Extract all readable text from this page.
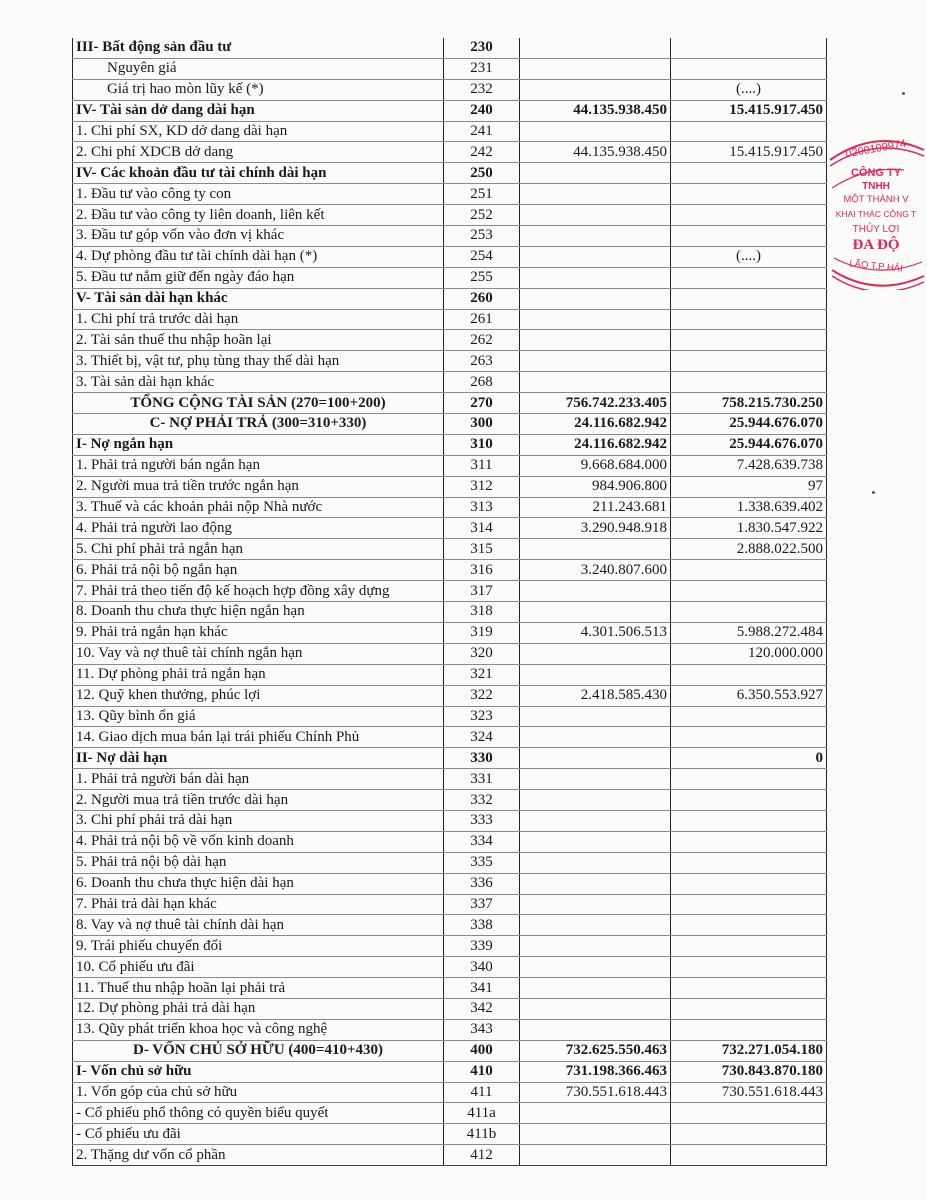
III- Bất động sản đầu tư	230		
Nguyên giá	231		
Giá trị hao mòn lũy kế (*)	232		(....)
IV- Tài sản dở dang dài hạn	240	44.135.938.450	15.415.917.450
1. Chi phí SX, KD dở dang dài hạn	241		
2. Chi phí XDCB dở dang	242	44.135.938.450	15.415.917.450
IV- Các khoản đầu tư tài chính dài hạn	250		
1. Đầu tư vào công ty con	251		
2. Đầu tư vào công ty liên doanh, liên kết	252		
3. Đầu tư góp vốn vào đơn vị khác	253		
4. Dự phòng đầu tư tài chính dài hạn (*)	254		(....)
5. Đầu tư nắm giữ đến ngày đáo hạn	255		
V- Tài sản dài hạn khác	260		
1. Chi phí trả trước dài hạn	261		
2. Tài sản thuế thu nhập hoãn lại	262		
3. Thiết bị, vật tư, phụ tùng thay thế dài hạn	263		
3. Tài sản dài hạn khác	268		
TỔNG CỘNG TÀI SẢN (270=100+200)	270	756.742.233.405	758.215.730.250
C- NỢ PHẢI TRẢ (300=310+330)	300	24.116.682.942	25.944.676.070
I- Nợ ngắn hạn	310	24.116.682.942	25.944.676.070
1. Phải trả người bán ngắn hạn	311	9.668.684.000	7.428.639.738
2. Người mua trả tiền trước ngắn hạn	312	984.906.800	97
3. Thuế và các khoản phải nộp Nhà nước	313	211.243.681	1.338.639.402
4. Phải trả người lao động	314	3.290.948.918	1.830.547.922
5. Chi phí phải trả ngắn hạn	315		2.888.022.500
6. Phải trả nội bộ ngắn hạn	316	3.240.807.600	
7. Phải trả theo tiến độ kế hoạch hợp đồng xây dựng	317		
8. Doanh thu chưa thực hiện ngắn hạn	318		
9. Phải trả ngắn hạn khác	319	4.301.506.513	5.988.272.484
10. Vay và nợ thuê tài chính ngắn hạn	320		120.000.000
11. Dự phòng phải trả ngắn hạn	321		
12. Quỹ khen thưởng, phúc lợi	322	2.418.585.430	6.350.553.927
13. Qũy bình ổn giá	323		
14. Giao dịch mua bán lại trái phiếu Chính Phủ	324		
II- Nợ dài hạn	330		0
1. Phải trả người bán dài hạn	331		
2. Người mua trả tiền trước dài hạn	332		
3. Chi phí phải trả dài hạn	333		
4. Phải trả nội bộ về vốn kinh doanh	334		
5. Phải trả nội bộ dài hạn	335		
6. Doanh thu chưa thực hiện dài hạn	336		
7. Phải trả dài hạn khác	337		
8. Vay và nợ thuê tài chính dài hạn	338		
9. Trái phiếu chuyển đổi	339		
10. Cổ phiếu ưu đãi	340		
11. Thuế thu nhập hoãn lại phải trả	341		
12. Dự phòng phải trả dài hạn	342		
13. Qũy phát triển khoa học và công nghệ	343		
D- VỐN CHỦ SỞ HỮU (400=410+430)	400	732.625.550.463	732.271.054.180
I- Vốn chủ sở hữu	410	731.198.366.463	730.843.870.180
1. Vốn góp của chủ sở hữu	411	730.551.618.443	730.551.618.443
- Cổ phiếu phổ thông có quyền biểu quyết	411a		
- Cổ phiếu ưu đãi	411b		
2. Thặng dư vốn cổ phần	412		
0200109974
CÔNG TY
TNHH
MỘT THÀNH V
KHAI THÁC CÔNG T
THỦY LỢI
ĐA ĐỘ
LÃO T.P HẢI
